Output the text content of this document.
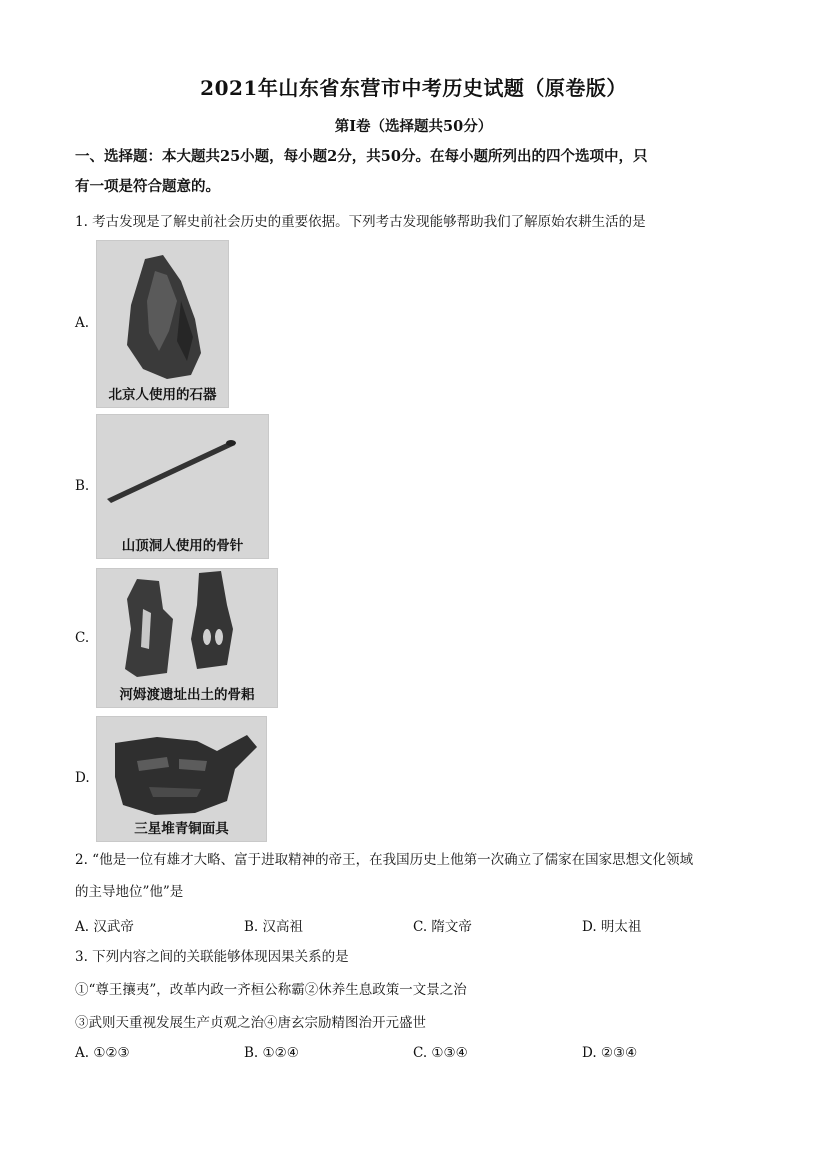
2021年山东省东营市中考历史试题（原卷版）
第Ⅰ卷（选择题共50分）
一、选择题：本大题共25小题，每小题2分，共50分。在每小题所列出的四个选项中，只
有一项是符合题意的。
1. 考古发现是了解史前社会历史的重要依据。下列考古发现能够帮助我们了解原始农耕生活的是
A.
北京人使用的石器
B.
山顶洞人使用的骨针
C.
河姆渡遗址出土的骨耜
D.
三星堆青铜面具
2. “他是一位有雄才大略、富于进取精神的帝王，在我国历史上他第一次确立了儒家在国家思想文化领域
的主导地位”他”是
A. 汉武帝	B. 汉高祖	C. 隋文帝	D. 明太祖
3. 下列内容之间的关联能够体现因果关系的是
①“尊王攘夷”，改革内政一齐桓公称霸②休养生息政策一文景之治
③武则天重视发展生产贞观之治④唐玄宗励精图治开元盛世
A. ①②③	B. ①②④	C. ①③④	D. ②③④
